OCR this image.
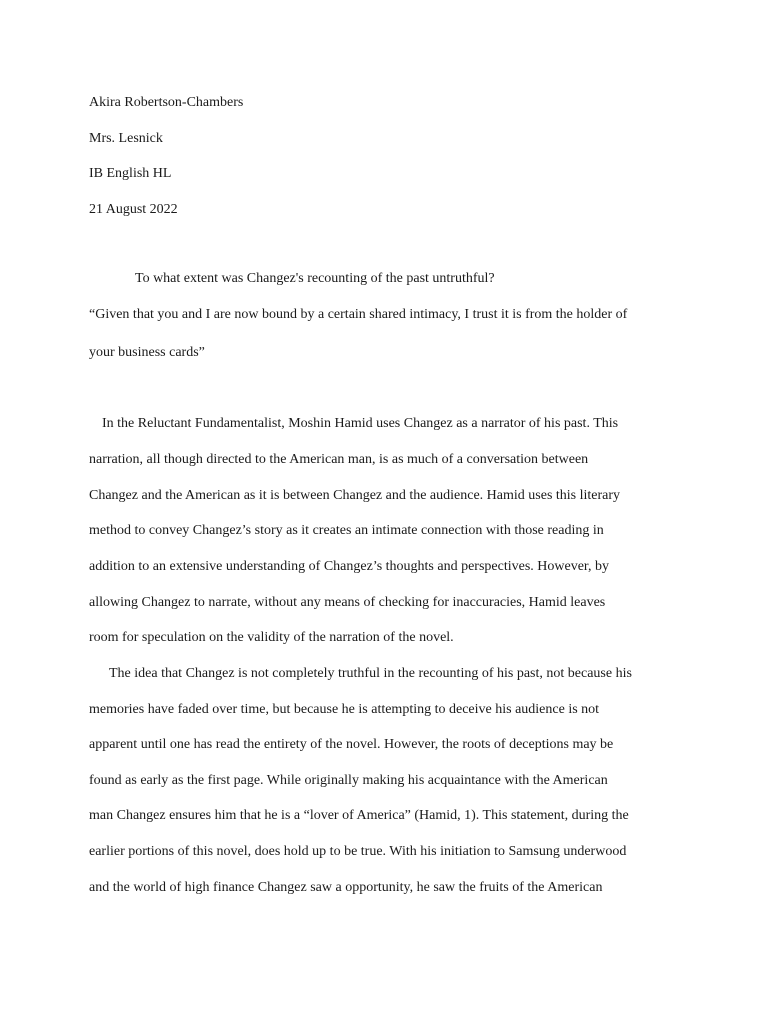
Akira Robertson-Chambers

Mrs. Lesnick

IB English HL

21 August 2022

To what extent was Changez's recounting of the past untruthful?

“Given that you and I are now bound by a certain shared intimacy, I trust it is from the holder of

your business cards”

In the Reluctant Fundamentalist, Moshin Hamid uses Changez as a narrator of his past. This

narration, all though directed to the American man, is as much of a conversation between

Changez and the American as it is between Changez and the audience. Hamid uses this literary

method to convey Changez’s story as it creates an intimate connection with those reading in

addition to an extensive understanding of Changez’s thoughts and perspectives. However, by

allowing Changez to narrate, without any means of checking for inaccuracies, Hamid leaves

room for speculation on the validity of the narration of the novel.

The idea that Changez is not completely truthful in the recounting of his past, not because his

memories have faded over time, but because he is attempting to deceive his audience is not

apparent until one has read the entirety of the novel. However, the roots of deceptions may be

found as early as the first page. While originally making his acquaintance with the American

man Changez ensures him that he is a “lover of America” (Hamid, 1). This statement, during the

earlier portions of this novel, does hold up to be true. With his initiation to Samsung underwood

and the world of high finance Changez saw a opportunity, he saw the fruits of the American
